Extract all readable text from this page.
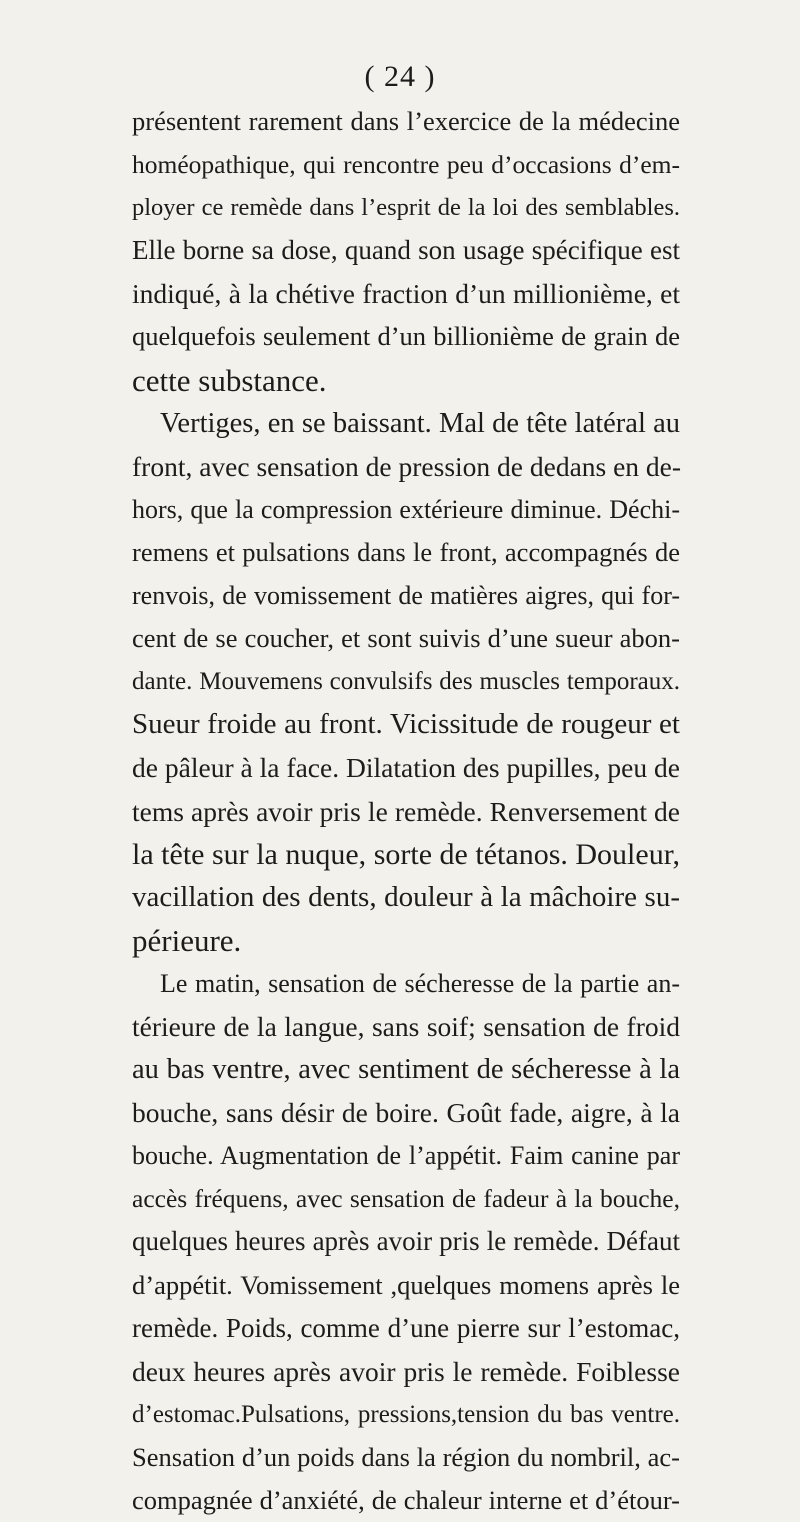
( 24 )
présentent rarement dans l’exercice de la médecine
homéopathique, qui rencontre peu d’occasions d’em-
ployer ce remède dans l’esprit de la loi des semblables.
Elle borne sa dose, quand son usage spécifique est
indiqué, à la chétive fraction d’un millionième, et
quelquefois seulement d’un billionième de grain de
cette substance.
Vertiges, en se baissant. Mal de tête latéral au
front, avec sensation de pression de dedans en de-
hors, que la compression extérieure diminue. Déchi-
remens et pulsations dans le front, accompagnés de
renvois, de vomissement de matières aigres, qui for-
cent de se coucher, et sont suivis d’une sueur abon-
dante. Mouvemens convulsifs des muscles temporaux.
Sueur froide au front. Vicissitude de rougeur et
de pâleur à la face. Dilatation des pupilles, peu de
tems après avoir pris le remède. Renversement de
la tête sur la nuque, sorte de tétanos. Douleur,
vacillation des dents, douleur à la mâchoire su-
périeure.
Le matin, sensation de sécheresse de la partie an-
térieure de la langue, sans soif; sensation de froid
au bas ventre, avec sentiment de sécheresse à la
bouche, sans désir de boire. Goût fade, aigre, à la
bouche. Augmentation de l’appétit. Faim canine par
accès fréquens, avec sensation de fadeur à la bouche,
quelques heures après avoir pris le remède. Défaut
d’appétit. Vomissement ,quelques momens après le
remède. Poids, comme d’une pierre sur l’estomac,
deux heures après avoir pris le remède. Foiblesse
d’estomac.Pulsations, pressions,tension du bas ventre.
Sensation d’un poids dans la région du nombril, ac-
compagnée d’anxiété, de chaleur interne et d’étour-
